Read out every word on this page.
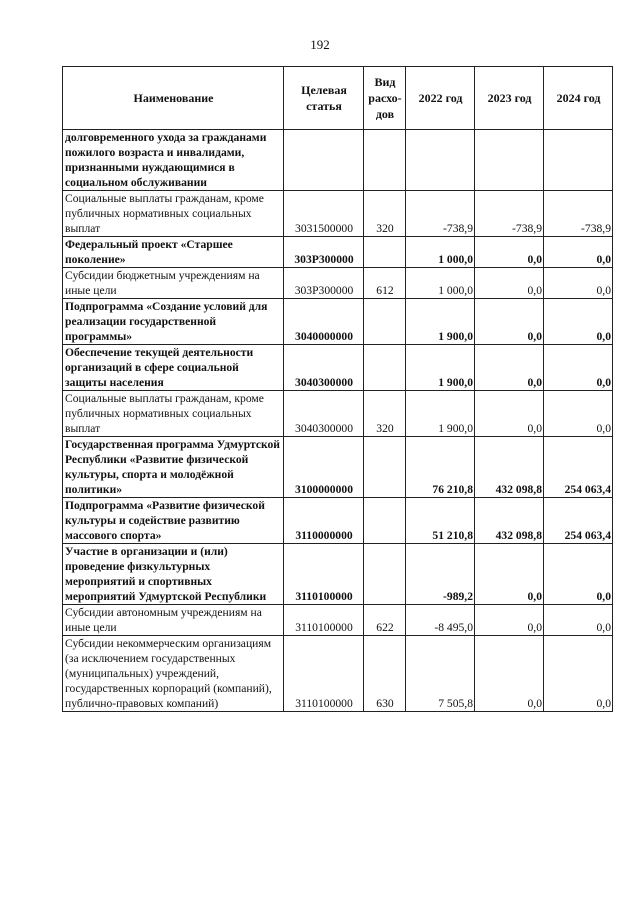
192
Наименование	Целевая статья	Вид расхо-дов	2022 год	2023 год	2024 год
долговременного ухода за гражданами пожилого возраста и инвалидами, признанными нуждающимися в социальном обслуживании					
Социальные выплаты гражданам, кроме публичных нормативных социальных выплат	3031500000	320	-738,9	-738,9	-738,9
Федеральный проект «Старшее поколение»	303P300000		1 000,0	0,0	0,0
Субсидии бюджетным учреждениям на иные цели	303P300000	612	1 000,0	0,0	0,0
Подпрограмма «Создание условий для реализации государственной программы»	3040000000		1 900,0	0,0	0,0
Обеспечение текущей деятельности организаций в сфере социальной защиты населения	3040300000		1 900,0	0,0	0,0
Социальные выплаты гражданам, кроме публичных нормативных социальных выплат	3040300000	320	1 900,0	0,0	0,0
Государственная программа Удмуртской Республики «Развитие физической культуры, спорта и молодёжной политики»	3100000000		76 210,8	432 098,8	254 063,4
Подпрограмма «Развитие физической культуры и содействие развитию массового спорта»	3110000000		51 210,8	432 098,8	254 063,4
Участие в организации и (или) проведение физкультурных мероприятий и спортивных мероприятий Удмуртской Республики	3110100000		-989,2	0,0	0,0
Субсидии автономным учреждениям на иные цели	3110100000	622	-8 495,0	0,0	0,0
Субсидии некоммерческим организациям (за исключением государственных (муниципальных) учреждений, государственных корпораций (компаний), публично-правовых компаний)	3110100000	630	7 505,8	0,0	0,0
